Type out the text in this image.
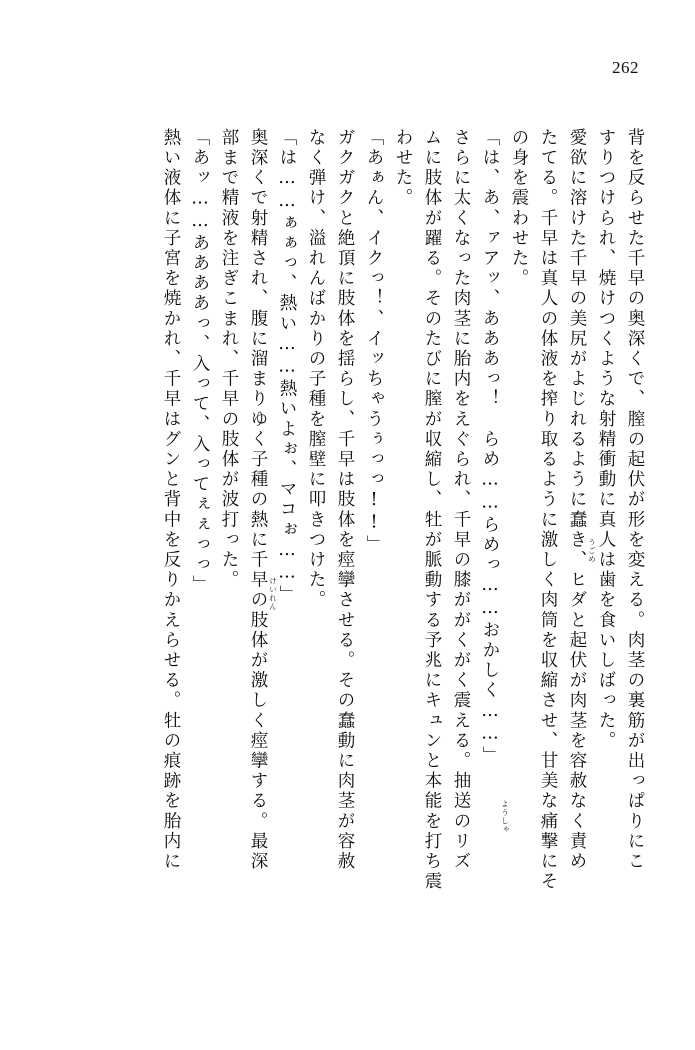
262
背を反らせた千早の奥深くで、膣の起伏が形を変える。肉茎の裏筋が出っぱりにこ
すりつけられ、焼けつくような射精衝動に真人は歯を食いしばった。
愛欲に溶けた千早の美尻がよじれるように蠢き、ヒダと起伏が肉茎を容赦なく責め
たてる。千早は真人の体液を搾り取るように激しく肉筒を収縮させ、甘美な痛撃にそ
の身を震わせた。
「は、あ、ァアッ、あああっ！　らめ……らめっ……おかしく……」
さらに太くなった肉茎に胎内をえぐられ、千早の膝ががくがく震える。抽送のリズ
ムに肢体が躍る。そのたびに膣が収縮し、牡が脈動する予兆にキュンと本能を打ち震
わせた。
「あぁん、イクっ！、イッちゃうぅっっ!!」
ガクガクと絶頂に肢体を揺らし、千早は肢体を痙攣させる。その蠢動に肉茎が容赦
なく弾け、溢れんばかりの子種を膣壁に叩きつけた。
「は……ぁぁっ、熱い……熱いよぉ、マコぉ……」
奥深くで射精され、腹に溜まりゆく子種の熱に千早の肢体が激しく痙攣する。最深
部まで精液を注ぎこまれ、千早の肢体が波打った。
「あッ……ああああっ、入って、入ってぇぇっっ」
熱い液体に子宮を焼かれ、千早はグンと背中を反りかえらせる。牡の痕跡を胎内に	うごめ
ようしゃ
けいれん
